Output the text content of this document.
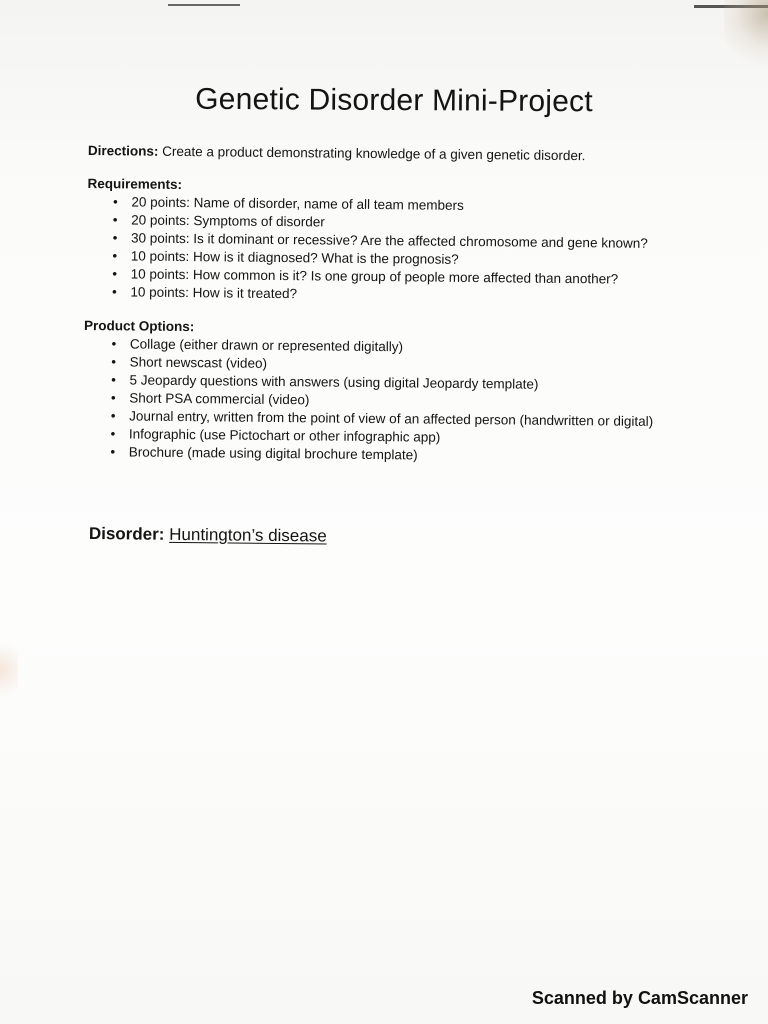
Genetic Disorder Mini-Project
Directions: Create a product demonstrating knowledge of a given genetic disorder.
Requirements:
• 20 points: Name of disorder, name of all team members
• 20 points: Symptoms of disorder
• 30 points: Is it dominant or recessive? Are the affected chromosome and gene known?
• 10 points: How is it diagnosed? What is the prognosis?
• 10 points: How common is it? Is one group of people more affected than another?
• 10 points: How is it treated?
Product Options:
• Collage (either drawn or represented digitally)
• Short newscast (video)
• 5 Jeopardy questions with answers (using digital Jeopardy template)
• Short PSA commercial (video)
• Journal entry, written from the point of view of an affected person (handwritten or digital)
• Infographic (use Pictochart or other infographic app)
• Brochure (made using digital brochure template)
Disorder: Huntington’s disease
Scanned by CamScanner
